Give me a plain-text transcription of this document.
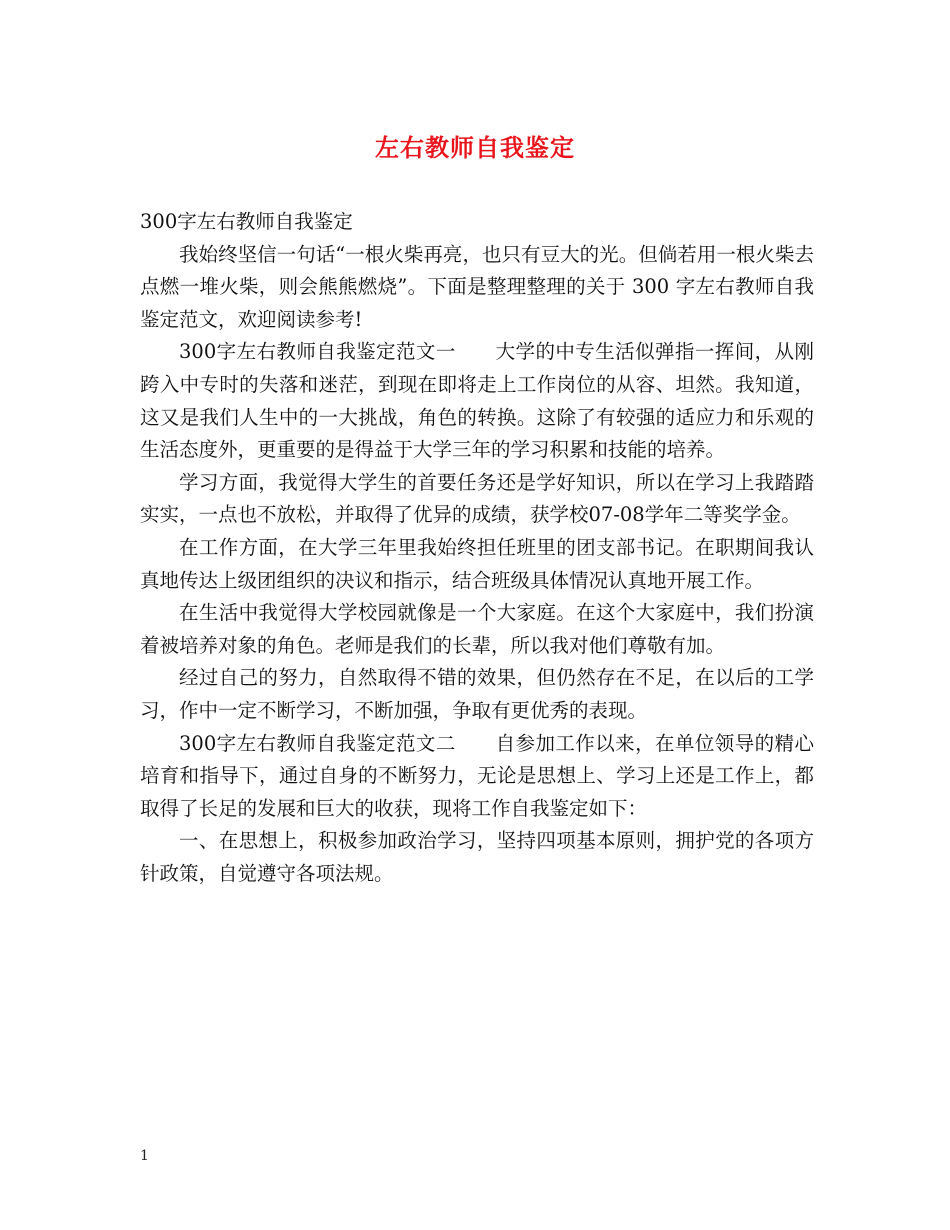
左右教师自我鉴定

300字左右教师自我鉴定

我始终坚信一句话“一根火柴再亮，也只有豆大的光。但倘若用一根火柴去点燃一堆火柴，则会熊熊燃烧”。下面是整理整理的关于 300 字左右教师自我鉴定范文，欢迎阅读参考!

300字左右教师自我鉴定范文一　　大学的中专生活似弹指一挥间，从刚跨入中专时的失落和迷茫，到现在即将走上工作岗位的从容、坦然。我知道，这又是我们人生中的一大挑战，角色的转换。这除了有较强的适应力和乐观的生活态度外，更重要的是得益于大学三年的学习积累和技能的培养。

学习方面，我觉得大学生的首要任务还是学好知识，所以在学习上我踏踏实实，一点也不放松，并取得了优异的成绩，获学校07-08学年二等奖学金。

在工作方面，在大学三年里我始终担任班里的团支部书记。在职期间我认真地传达上级团组织的决议和指示，结合班级具体情况认真地开展工作。

在生活中我觉得大学校园就像是一个大家庭。在这个大家庭中，我们扮演着被培养对象的角色。老师是我们的长辈，所以我对他们尊敬有加。

经过自己的努力，自然取得不错的效果，但仍然存在不足，在以后的工学习，作中一定不断学习，不断加强，争取有更优秀的表现。

300字左右教师自我鉴定范文二　　自参加工作以来，在单位领导的精心培育和指导下，通过自身的不断努力，无论是思想上、学习上还是工作上，都取得了长足的发展和巨大的收获，现将工作自我鉴定如下：

一、在思想上，积极参加政治学习，坚持四项基本原则，拥护党的各项方针政策，自觉遵守各项法规。

1
